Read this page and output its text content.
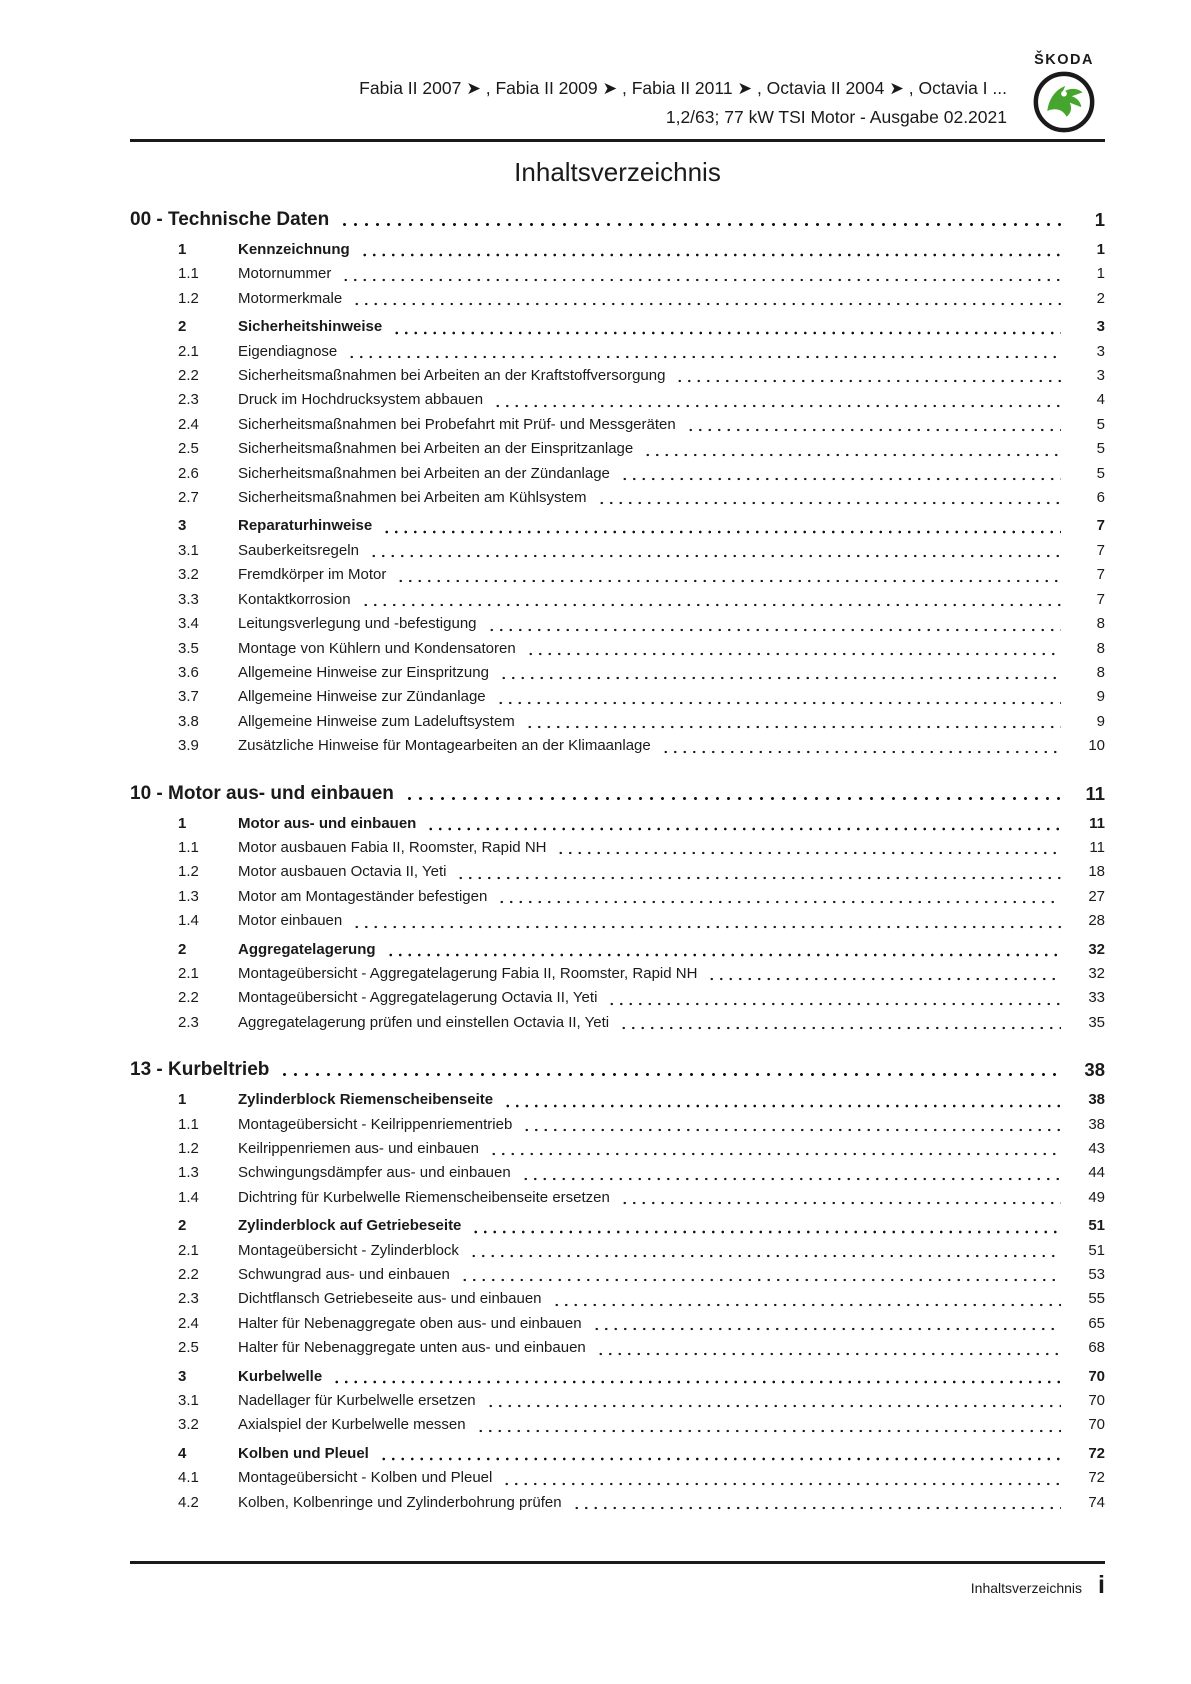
Fabia II 2007 ➤ , Fabia II 2009 ➤ , Fabia II 2011 ➤ , Octavia II 2004 ➤ , Octavia I ...
1,2/63; 77 kW TSI Motor - Ausgabe 02.2021
ŠKODA
Inhaltsverzeichnis
00 - Technische Daten	1
1	Kennzeichnung	1
1.1	Motornummer	1
1.2	Motormerkmale	2
2	Sicherheitshinweise	3
2.1	Eigendiagnose	3
2.2	Sicherheitsmaßnahmen bei Arbeiten an der Kraftstoffversorgung	3
2.3	Druck im Hochdrucksystem abbauen	4
2.4	Sicherheitsmaßnahmen bei Probefahrt mit Prüf- und Messgeräten	5
2.5	Sicherheitsmaßnahmen bei Arbeiten an der Einspritzanlage	5
2.6	Sicherheitsmaßnahmen bei Arbeiten an der Zündanlage	5
2.7	Sicherheitsmaßnahmen bei Arbeiten am Kühlsystem	6
3	Reparaturhinweise	7
3.1	Sauberkeitsregeln	7
3.2	Fremdkörper im Motor	7
3.3	Kontaktkorrosion	7
3.4	Leitungsverlegung und -befestigung	8
3.5	Montage von Kühlern und Kondensatoren	8
3.6	Allgemeine Hinweise zur Einspritzung	8
3.7	Allgemeine Hinweise zur Zündanlage	9
3.8	Allgemeine Hinweise zum Ladeluftsystem	9
3.9	Zusätzliche Hinweise für Montagearbeiten an der Klimaanlage	10
10 - Motor aus- und einbauen	11
1	Motor aus- und einbauen	11
1.1	Motor ausbauen Fabia II, Roomster, Rapid NH	11
1.2	Motor ausbauen Octavia II, Yeti	18
1.3	Motor am Montageständer befestigen	27
1.4	Motor einbauen	28
2	Aggregatelagerung	32
2.1	Montageübersicht - Aggregatelagerung Fabia II, Roomster, Rapid NH	32
2.2	Montageübersicht - Aggregatelagerung Octavia II, Yeti	33
2.3	Aggregatelagerung prüfen und einstellen Octavia II, Yeti	35
13 - Kurbeltrieb	38
1	Zylinderblock Riemenscheibenseite	38
1.1	Montageübersicht - Keilrippenriementrieb	38
1.2	Keilrippenriemen aus- und einbauen	43
1.3	Schwingungsdämpfer aus- und einbauen	44
1.4	Dichtring für Kurbelwelle Riemenscheibenseite ersetzen	49
2	Zylinderblock auf Getriebeseite	51
2.1	Montageübersicht - Zylinderblock	51
2.2	Schwungrad aus- und einbauen	53
2.3	Dichtflansch Getriebeseite aus- und einbauen	55
2.4	Halter für Nebenaggregate oben aus- und einbauen	65
2.5	Halter für Nebenaggregate unten aus- und einbauen	68
3	Kurbelwelle	70
3.1	Nadellager für Kurbelwelle ersetzen	70
3.2	Axialspiel der Kurbelwelle messen	70
4	Kolben und Pleuel	72
4.1	Montageübersicht - Kolben und Pleuel	72
4.2	Kolben, Kolbenringe und Zylinderbohrung prüfen	74
Inhaltsverzeichnis i
